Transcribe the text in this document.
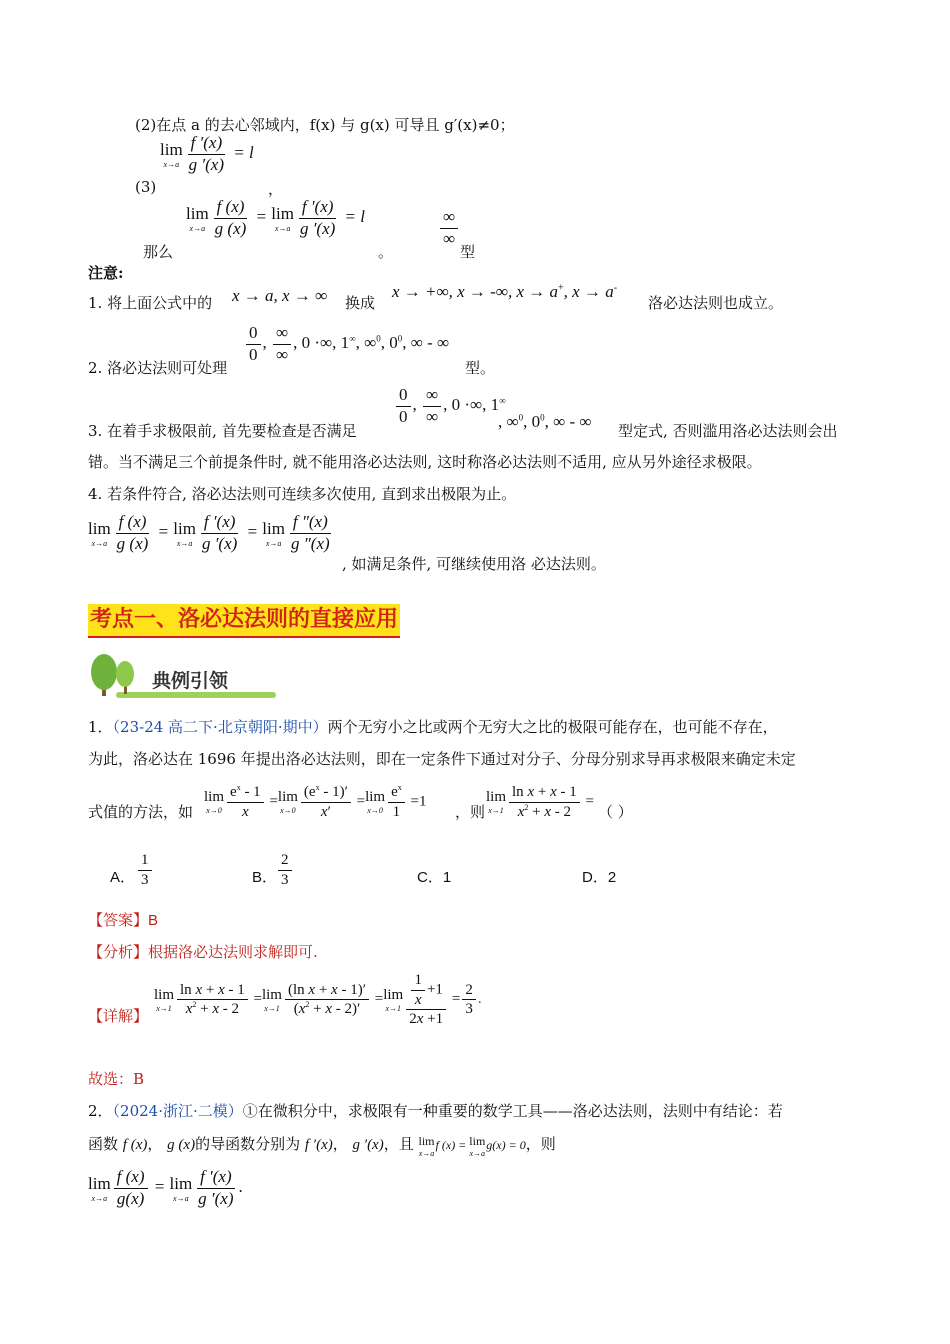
(2)在点 a 的去心邻域内，f(x) 与 g(x) 可导且 g′(x)≠0；
lim
$x\to a \frac{f '(x)}{g '(x)} = l$
(3)	，
那么
lim
$x\to a \frac{f (x)}{g (x)} = \lim$
$x\to a \frac{f '(x)}{g '(x)} = l$
。
$\frac{\infty}{\infty}$
型
注意:
1. 将上面公式中的 x → a, x → ∞ 换成
x → +∞, x → -∞, x → a+, x → a-
洛必达法则也成立。
2. 洛必达法则可处理
$\frac{0}{0}$ , $\frac{\infty}{\infty}$ , 0 ·∞, 1∞, ∞$^0$, $0^0$, ∞ - ∞
型。
3. 在着手求极限前, 首先要检查是否满足
$\frac{0}{0}$ , $\frac{\infty}{\infty}$ , 0 ·∞, 1∞
, ∞$^0$, $0^0$, ∞ - ∞ 型定式, 否则滥用洛必达法则会出
错。当不满足三个前提条件时, 就不能用洛必达法则, 这时称洛必达法则不适用, 应从另外途径求极限。
4. 若条件符合, 洛必达法则可连续多次使用, 直到求出极限为止。
lim
$x\to a \frac{f (x)}{g (x)} = \lim$
$x\to a \frac{f '(x)}{g '(x)} = \lim$
$x\to a \frac{f ''(x)}{g ''(x)}$
, 如满足条件, 可继续使用洛 必达法则。
考点一、洛必达法则的直接应用
典例引领
1．（23-24 高二下·北京朝阳·期中）两个无穷小之比或两个无穷大之比的极限可能存在，也可能不存在，
为此，洛必达在 1696 年提出洛必达法则，即在一定条件下通过对分子、分母分别求导再求极限来确定未定
式值的方法，如
lim
$x\to 0 \frac{e^x - 1}{x} =\lim$
$x\to 0 \frac{(e^x - 1)'}{x'} =\lim$
$x\to 0 \frac{e^x}{1} =1$
，则
lim
$x\to 1 \frac{\text{ln x + x - 1}}{x^2 + x - 2}$ =
（ ）
A． $\frac{1}{3}$	B． $\frac{2}{3}$	C．1	D．2
【答案】B
【分析】根据洛必达法则求解即可.
【详解】
lim
$x\to 1 \frac{\text{ln x + x - 1}}{x^2 + x - 2} =\lim$
$x\to 1 \frac{\text{(ln x + x - 1)′}}{(x^2 + x - 2)'} =\lim$
$x\to 1 \frac{\frac{1}{x} +1}{2x +1} = \frac{2}{3}$ .
故选：B
2．（2024·浙江·二模）①在微积分中，求极限有一种重要的数学工具——洛必达法则，法则中有结论：若
函数 f (x)， g (x)的导函数分别为 f ′(x)， g ′(x)，且 lim
x→a
f (x) = lim
x→a
g(x) = 0，则
lim
$x\to a \frac{f (x)}{g(x)} = \lim$
$x\to a \frac{f '(x)}{g '(x)}$ .
